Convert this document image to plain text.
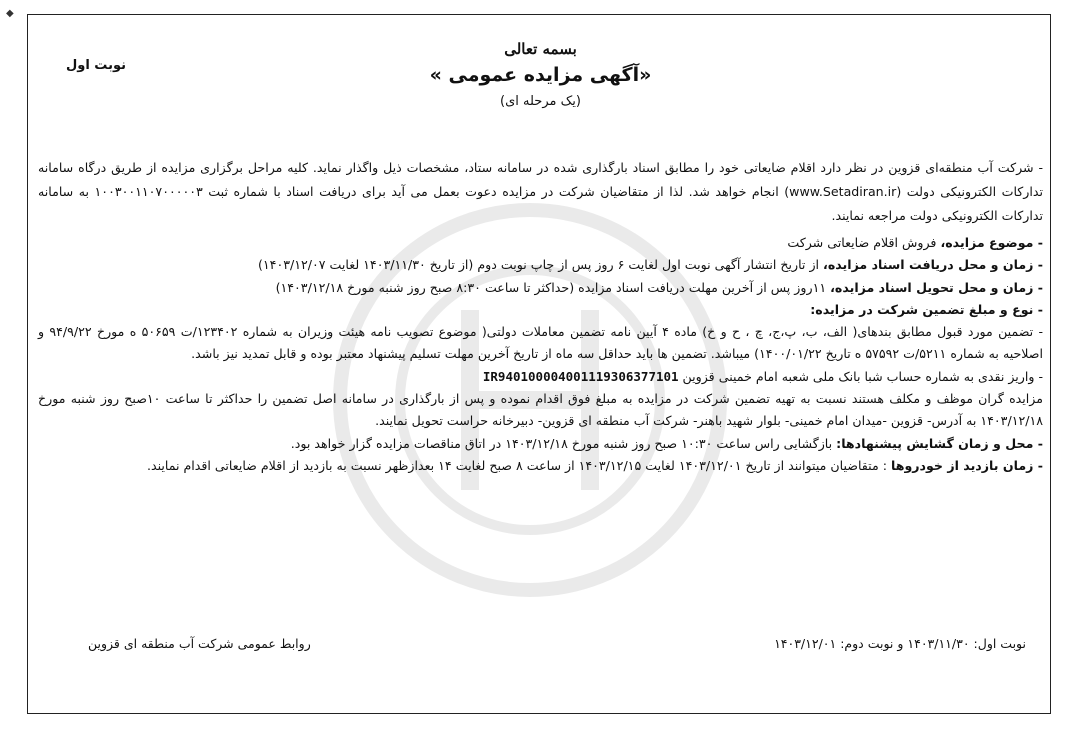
◆
نوبت اول
بسمه تعالی
«آگهی مزایده عمومی »
(یک مرحله ای)

- شرکت آب منطقه‌ای قزوین در نظر دارد اقلام ضایعاتی خود را مطابق اسناد بارگذاری شده در سامانه ستاد، مشخصات ذیل واگذار نماید. کلیه مراحل برگزاری مزایده از طریق درگاه سامانه تدارکات الکترونیکی دولت (www.Setadiran.ir) انجام خواهد شد. لذا از متقاضیان شرکت در مزایده دعوت بعمل می آید برای دریافت اسناد با شماره ثبت ۱۰۰۳۰۰۱۱۰۷۰۰۰۰۰۳ به سامانه تدارکات الکترونیکی دولت مراجعه نمایند.

- موضوع مزایده، فروش اقلام ضایعاتی شرکت

- زمان و محل دریافت اسناد مزایده، از تاریخ انتشار آگهی نوبت اول لغایت ۶ روز پس از چاپ نوبت دوم (از تاریخ ۱۴۰۳/۱۱/۳۰ لغایت ۱۴۰۳/۱۲/۰۷)

- زمان و محل تحویل اسناد مزایده، ۱۱روز پس از آخرین مهلت دریافت اسناد مزایده (حداکثر تا ساعت ۸:۳۰ صبح روز شنبه مورخ ۱۴۰۳/۱۲/۱۸)

- نوع و مبلغ تضمین شرکت در مزایده:

- تضمین مورد قبول مطابق بندهای( الف، ب، پ،ج، چ ، ح و خ) ماده ۴ آیین نامه تضمین معاملات دولتی( موضوع تصویب نامه هیئت وزیران به شماره ۱۲۳۴۰۲/ت ۵۰۶۵۹ ه مورخ ۹۴/۹/۲۲ و اصلاحیه به شماره ۵۲۱۱/ت ۵۷۵۹۲ ه تاریخ ۱۴۰۰/۰۱/۲۲) میباشد. تضمین ها باید حداقل سه ماه از تاریخ آخرین مهلت تسلیم پیشنهاد معتبر بوده و قابل تمدید نیز باشد.

- واریز نقدی به شماره حساب شبا بانک ملی شعبه امام خمینی قزوین IR940100004001119306377101

مزایده گران موظف و مکلف هستند نسبت به تهیه تضمین شرکت در مزایده به مبلغ فوق اقدام نموده و پس از بارگذاری در سامانه اصل تضمین را حداکثر تا ساعت ۱۰صبح روز شنبه مورخ ۱۴۰۳/۱۲/۱۸ به آدرس- قزوین -میدان امام خمینی- بلوار شهید باهنر- شرکت آب منطقه ای قزوین- دبیرخانه حراست تحویل نمایند.

- محل و زمان گشایش پیشنهادها: بازگشایی راس ساعت ۱۰:۳۰ صبح روز شنبه مورخ ۱۴۰۳/۱۲/۱۸ در اتاق مناقصات مزایده گزار خواهد بود.

- زمان بازدید از خودروها : متقاضیان میتوانند از تاریخ ۱۴۰۳/۱۲/۰۱ لغایت ۱۴۰۳/۱۲/۱۵ از ساعت ۸ صبح لغایت ۱۴ بعدازظهر نسبت به بازدید از اقلام ضایعاتی اقدام نمایند.

نوبت اول: ۱۴۰۳/۱۱/۳۰ و نوبت دوم: ۱۴۰۳/۱۲/۰۱
روابط عمومی شرکت آب منطقه ای قزوین
